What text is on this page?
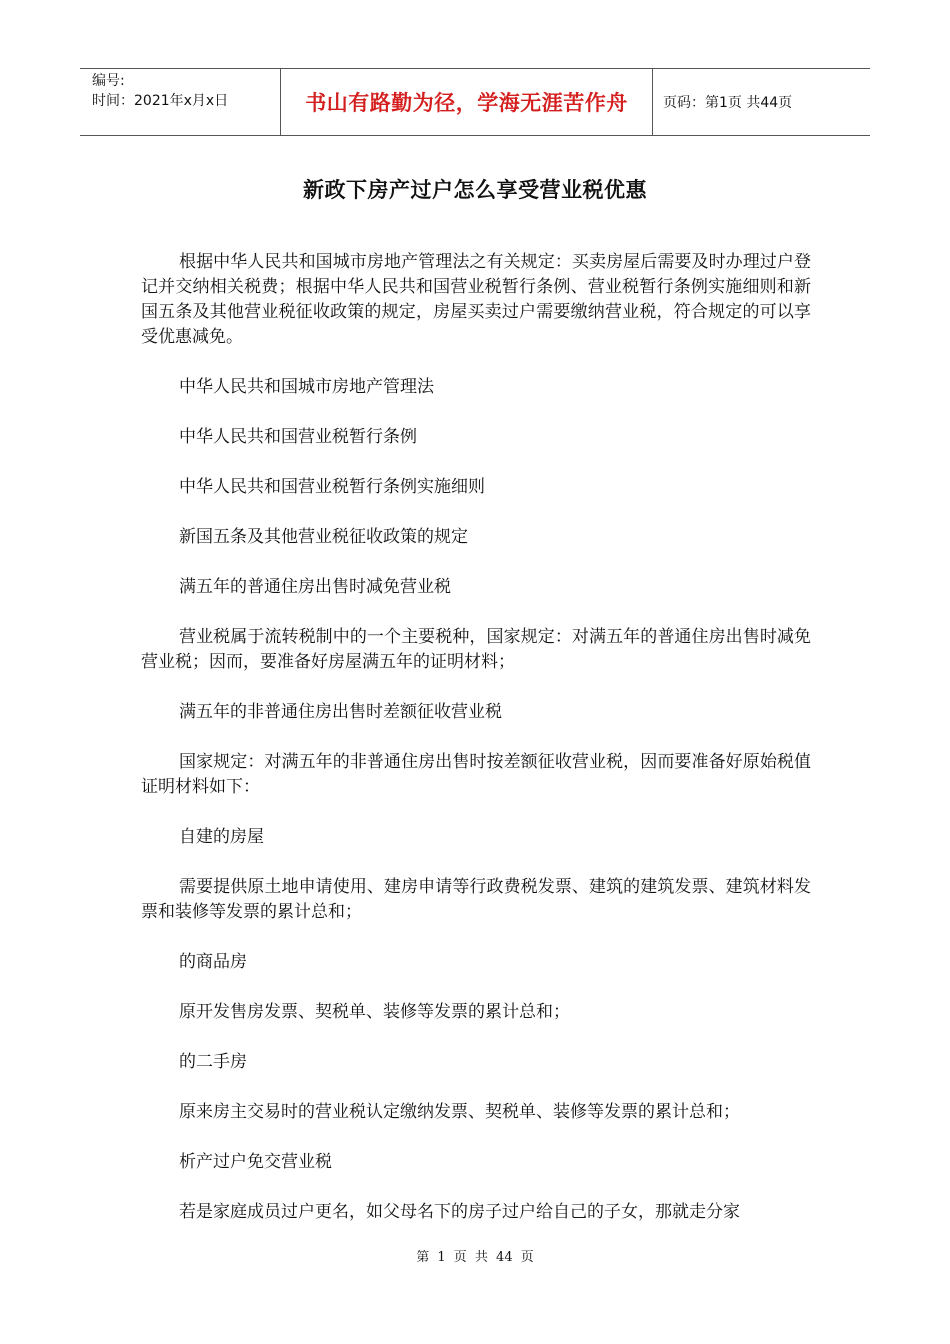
编号:
时间：2021年x月x日	书山有路勤为径，学海无涯苦作舟	页码：第1页 共44页
新政下房产过户怎么享受营业税优惠

根据中华人民共和国城市房地产管理法之有关规定：买卖房屋后需要及时办理过户登记并交纳相关税费；根据中华人民共和国营业税暂行条例、营业税暂行条例实施细则和新国五条及其他营业税征收政策的规定，房屋买卖过户需要缴纳营业税，符合规定的可以享受优惠减免。

中华人民共和国城市房地产管理法

中华人民共和国营业税暂行条例

中华人民共和国营业税暂行条例实施细则

新国五条及其他营业税征收政策的规定

满五年的普通住房出售时减免营业税

营业税属于流转税制中的一个主要税种，国家规定：对满五年的普通住房出售时减免营业税；因而，要准备好房屋满五年的证明材料；

满五年的非普通住房出售时差额征收营业税

国家规定：对满五年的非普通住房出售时按差额征收营业税，因而要准备好原始税值证明材料如下：

自建的房屋

需要提供原土地申请使用、建房申请等行政费税发票、建筑的建筑发票、建筑材料发票和装修等发票的累计总和；

的商品房

原开发售房发票、契税单、装修等发票的累计总和；

的二手房

原来房主交易时的营业税认定缴纳发票、契税单、装修等发票的累计总和；

析产过户免交营业税

若是家庭成员过户更名，如父母名下的房子过户给自己的子女，那就走分家

第 1 页 共 44 页
